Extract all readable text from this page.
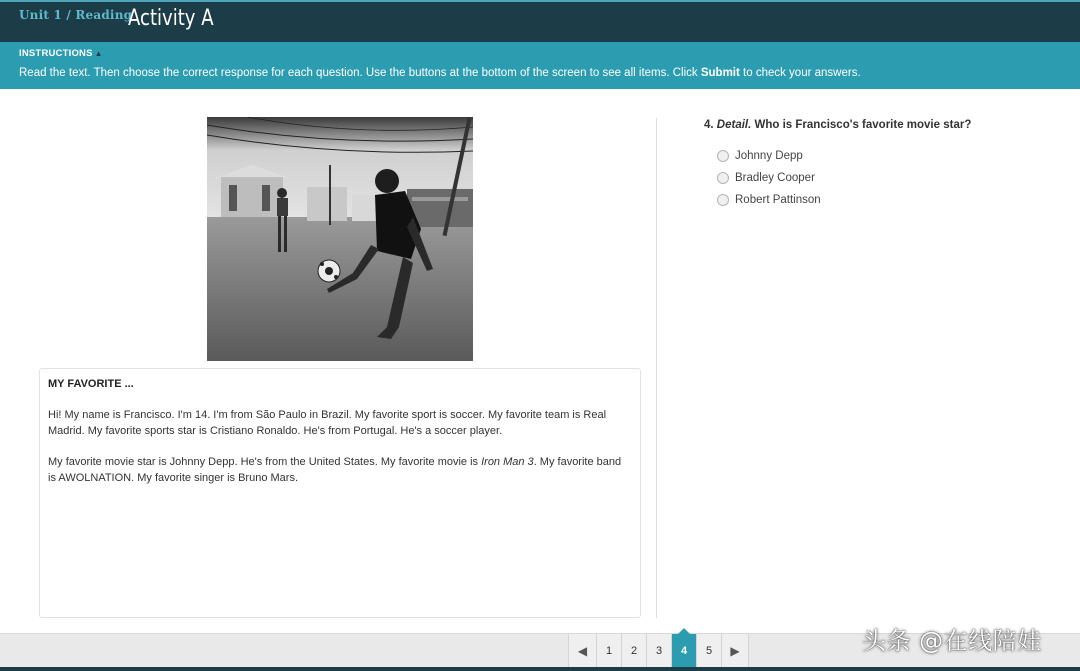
Unit 1 / Reading
Activity A
INSTRUCTIONS ▲
Read the text. Then choose the correct response for each question. Use the buttons at the bottom of the screen to see all items. Click Submit to check your answers.
MY FAVORITE ...

Hi! My name is Francisco. I'm 14. I'm from São Paulo in Brazil. My favorite sport is soccer. My favorite team is Real Madrid. My favorite sports star is Cristiano Ronaldo. He's from Portugal. He's a soccer player.

My favorite movie star is Johnny Depp. He's from the United States. My favorite movie is Iron Man 3. My favorite band is AWOLNATION. My favorite singer is Bruno Mars.

4. Detail. Who is Francisco's favorite movie star?
Johnny Depp
Bradley Cooper
Robert Pattinson
◀	1	2	3	4	5	▶	头条 @在线陪娃
